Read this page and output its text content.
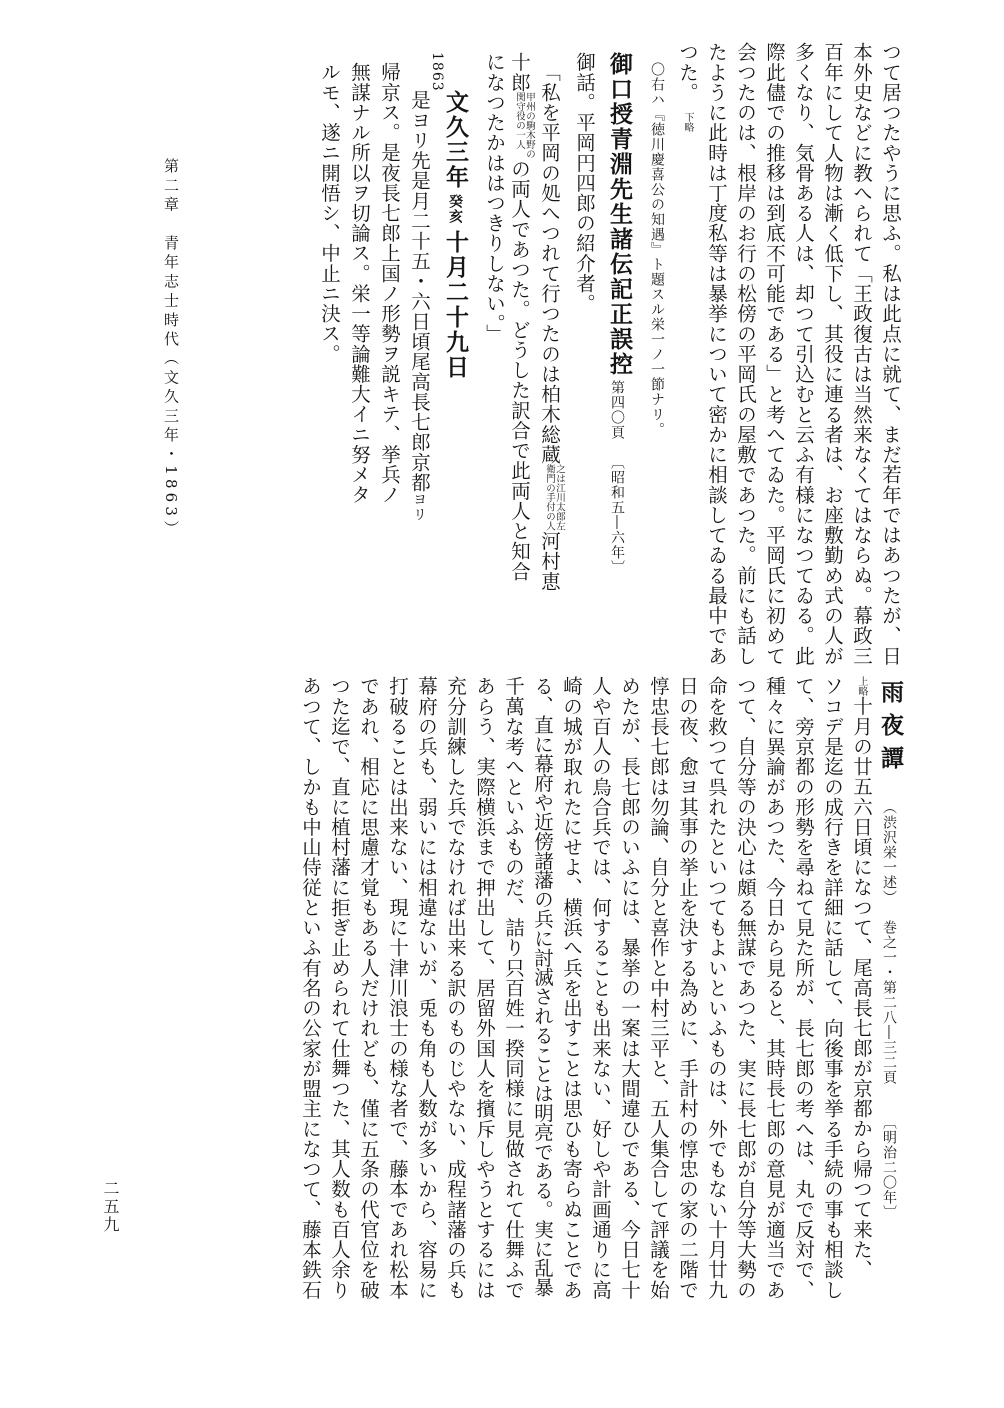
つて居つたやうに思ふ。私は此点に就て、まだ若年ではあつたが、日
本外史などに教へられて「王政復古は当然来なくてはならぬ。幕政三
百年にして人物は漸く低下し、其役に連る者は、お座敷勤め式の人が
多くなり、気骨ある人は、却つて引込むと云ふ有様になつてゐる。此
際此儘での推移は到底不可能である」と考へてゐた。平岡氏に初めて
会つたのは、根岸のお行の松傍の平岡氏の屋敷であつた。前にも話し
たように此時は丁度私等は暴挙について密かに相談してゐる最中であ
つた。下略
〇右ハ『徳川慶喜公の知遇』ト題スル栄一ノ一節ナリ。
御口授青淵先生諸伝記正誤控
第四〇頁
〔昭和五―六年〕
御話。平岡円四郎の紹介者。
「私を平岡の処へつれて行つたのは柏木総蔵之は江川太郎左
衛門の手付の人河村恵
十郎甲州の駒木野の
関守役の一人の両人であつた。どうした訳合で此両人と知合
になつたかははつきりしない。」
1863
文久三年癸亥十月二十九日
是ヨリ先是月二十五・六日頃尾高長七郎京都ヨリ
帰京ス。是夜長七郎上国ノ形勢ヲ説キテ、挙兵ノ
無謀ナル所以ヲ切論ス。栄一等論難大イニ努メタ
ルモ、遂ニ開悟シ、中止ニ決ス。
第二章　青年志士時代（文久三年・1863）
雨夜譚
（渋沢栄一述）
巻之一・第二八―三二頁
〔明治二〇年〕
上略十月の廿五六日頃になつて、尾高長七郎が京都から帰つて来た、
ソコデ是迄の成行きを詳細に話して、向後事を挙る手続の事も相談し
て、旁京都の形勢を尋ねて見た所が、長七郎の考へは、丸で反対で、
種々に異論があつた、今日から見ると、其時長七郎の意見が適当であ
つて、自分等の決心は頗る無謀であつた、実に長七郎が自分等大勢の
命を救つて呉れたといつてもよいといふものは、外でもない十月廿九
日の夜、愈ヨ其事の挙止を決する為めに、手計村の惇忠の家の二階で
惇忠長七郎は勿論、自分と喜作と中村三平と、五人集合して評議を始
めたが、長七郎のいふには、暴挙の一案は大間違ひである、今日七十
人や百人の烏合兵では、何することも出来ない、好しや計画通りに高
崎の城が取れたにせよ、横浜へ兵を出すことは思ひも寄らぬことであ
る、直に幕府や近傍諸藩の兵に討滅されることは明亮である。実に乱暴
千萬な考へといふものだ、詰り只百姓一揆同様に見做されて仕舞ふで
あらう、実際横浜まで押出して、居留外国人を擯斥しやうとするには
充分訓練した兵でなければ出来る訳のものじやない、成程諸藩の兵も
幕府の兵も、弱いには相違ないが、兎も角も人数が多いから、容易に
打破ることは出来ない、現に十津川浪士の様な者で、藤本であれ松本
であれ、相応に思慮才覚もある人だけれども、僅に五条の代官位を破
つた迄で、直に植村藩に拒ぎ止められて仕舞つた、其人数も百人余り
あつて、しかも中山侍従といふ有名の公家が盟主になつて、藤本鉄石
二五九
